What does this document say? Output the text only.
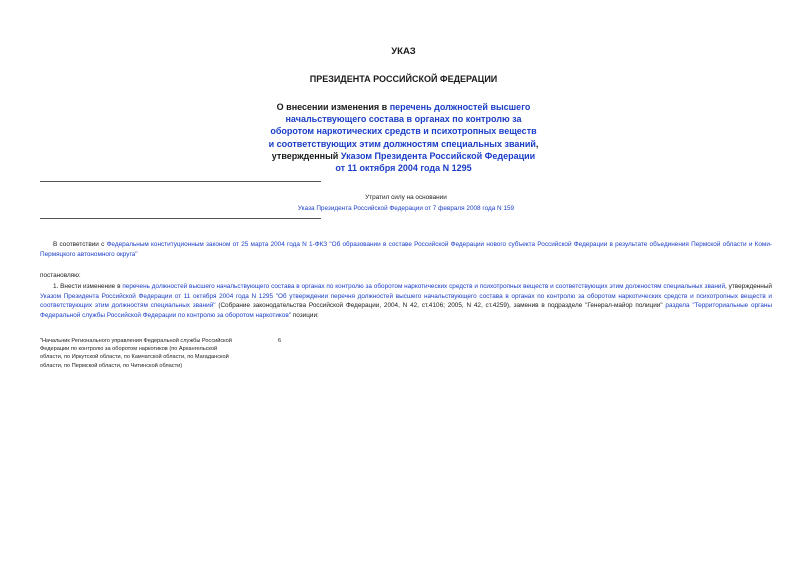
УКАЗ
ПРЕЗИДЕНТА РОССИЙСКОЙ ФЕДЕРАЦИИ
О внесении изменения в перечень должностей высшего начальствующего состава в органах по контролю за оборотом наркотических средств и психотропных веществ и соответствующих этим должностям специальных званий, утвержденный Указом Президента Российской Федерации от 11 октября 2004 года N 1295
Утратил силу на основании
Указа Президента Российской Федерации от 7 февраля 2008 года N 159
В соответствии с Федеральным конституционным законом от 25 марта 2004 года N 1-ФКЗ "Об образовании в составе Российской Федерации нового субъекта Российской Федерации в результате объединения Пермской области и Коми-Пермяцкого автономного округа"
постановляю:
1. Внести изменение в перечень должностей высшего начальствующего состава в органах по контролю за оборотом наркотических средств и психотропных веществ и соответствующих этим должностям специальных званий, утвержденный Указом Президента Российской Федерации от 11 октября 2004 года N 1295 "Об утверждении перечня должностей высшего начальствующего состава в органах по контролю за оборотом наркотических средств и психотропных веществ и соответствующих этим должностям специальных званий" (Собрание законодательства Российской Федерации, 2004, N 42, ст.4106; 2005, N 42, ст.4259), заменив в подразделе "Генерал-майор полиции" раздела "Территориальные органы Федеральной службы Российской Федерации по контролю за оборотом наркотиков" позиции:
"Начальник Регионального управления Федеральной службы Российской Федерации по контролю за оборотом наркотиков (по Архангельской области, по Иркутской области, по Камчатской области, по Магаданской области, по Пермской области, по Читинской области)
6
